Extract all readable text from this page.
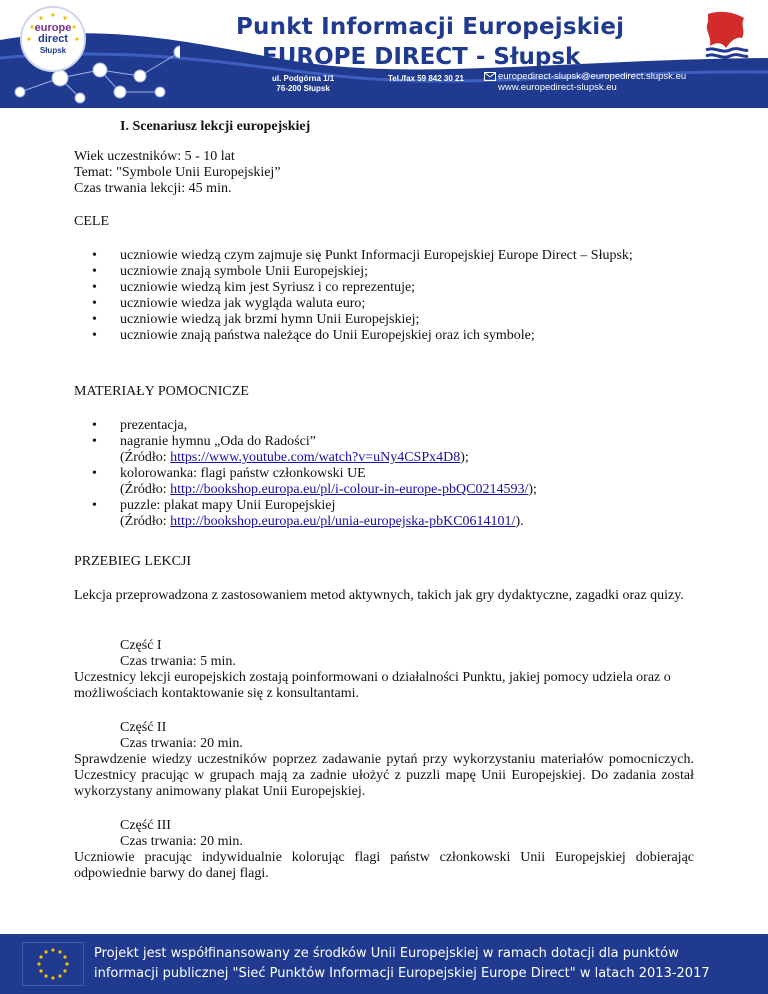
europe
direct
Słupsk
Punkt Informacji Europejskiej
EUROPE DIRECT - Słupsk
ul. Podgórna 1/1
76-200 Słupsk
Tel./fax 59 842 30 21	europedirect-slupsk@europedirect.slupsk.eu
www.europedirect-slupsk.eu
I. Scenariusz lekcji europejskiej
Wiek uczestników: 5 - 10 lat
Temat: "Symbole Unii Europejskiej”
Czas trwania lekcji: 45 min.
CELE
• uczniowie wiedzą czym zajmuje się Punkt Informacji Europejskiej Europe Direct – Słupsk;
• uczniowie znają symbole Unii Europejskiej;
• uczniowie wiedzą kim jest Syriusz i co reprezentuje;
• uczniowie wiedza jak wygląda waluta euro;
• uczniowie wiedzą jak brzmi hymn Unii Europejskiej;
• uczniowie znają państwa należące do Unii Europejskiej oraz ich symbole;
MATERIAŁY POMOCNICZE
• prezentacja,
• nagranie hymnu „Oda do Radości”
(Źródło: https://www.youtube.com/watch?v=uNy4CSPx4D8);
• kolorowanka: flagi państw członkowski UE
(Źródło: http://bookshop.europa.eu/pl/i-colour-in-europe-pbQC0214593/);
• puzzle: plakat mapy Unii Europejskiej
(Źródło: http://bookshop.europa.eu/pl/unia-europejska-pbKC0614101/).
PRZEBIEG LEKCJI
Lekcja przeprowadzona z zastosowaniem metod aktywnych, takich jak gry dydaktyczne, zagadki oraz quizy.
Część I
Czas trwania: 5 min.
Uczestnicy lekcji europejskich zostają poinformowani o działalności Punktu, jakiej pomocy udziela oraz o możliwościach kontaktowanie się z konsultantami.
Część II
Czas trwania: 20 min.
Sprawdzenie wiedzy uczestników poprzez zadawanie pytań przy wykorzystaniu materiałów pomocniczych. Uczestnicy pracując w grupach mają za zadnie ułożyć z puzzli mapę Unii Europejskiej. Do zadania został wykorzystany animowany plakat Unii Europejskiej.
Część III
Czas trwania: 20 min.
Uczniowie pracując indywidualnie kolorując flagi państw członkowski Unii Europejskiej dobierając odpowiednie barwy do danej flagi.
Projekt jest współfinansowany ze środków Unii Europejskiej w ramach dotacji dla punktów
informacji publicznej "Sieć Punktów Informacji Europejskiej Europe Direct" w latach 2013-2017
